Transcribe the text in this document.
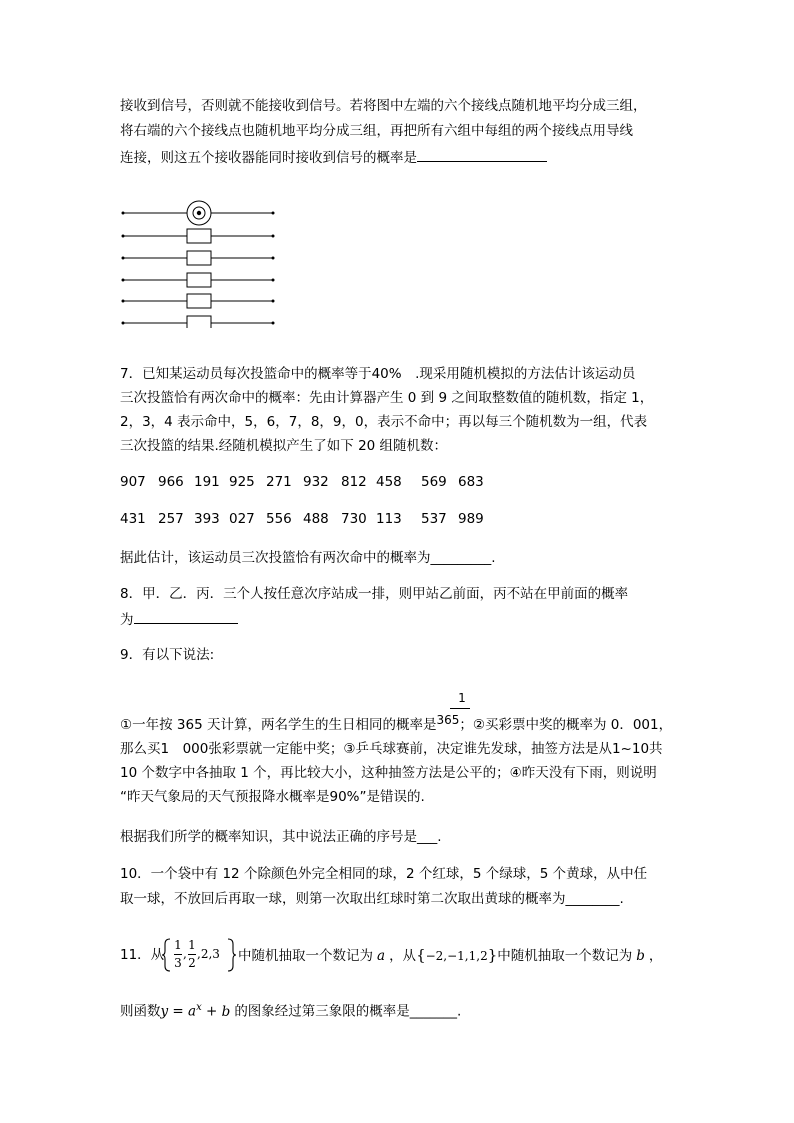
接收到信号，否则就不能接收到信号。若将图中左端的六个接线点随机地平均分成三组，
将右端的六个接线点也随机地平均分成三组，再把所有六组中每组的两个接线点用导线
连接，则这五个接收器能同时接收到信号的概率是
7．已知某运动员每次投篮命中的概率等于40%　.现采用随机模拟的方法估计该运动员
三次投篮恰有两次命中的概率：先由计算器产生 0 到 9 之间取整数值的随机数，指定 1，
2，3，4 表示命中，5，6，7，8，9，0，表示不命中；再以每三个随机数为一组，代表
三次投篮的结果.经随机模拟产生了如下 20 组随机数：
907 966 191 925 271 932 812 458 569 683
431 257 393 027 556 488 730 113 537 989
据此估计，该运动员三次投篮恰有两次命中的概率为_________.
8．甲．乙．丙．三个人按任意次序站成一排，则甲站乙前面，丙不站在甲前面的概率
为
9．有以下说法:
1
①一年按 365 天计算，两名学生的生日相同的概率是365；②买彩票中奖的概率为 0．001，
那么买1　000张彩票就一定能中奖；③乒乓球赛前，决定谁先发球，抽签方法是从1~10共
10 个数字中各抽取 1 个，再比较大小，这种抽签方法是公平的；④昨天没有下雨，则说明
“昨天气象局的天气预报降水概率是90%”是错误的.
根据我们所学的概率知识，其中说法正确的序号是___.
10．一个袋中有 12 个除颜色外完全相同的球，2 个红球，5 个绿球，5 个黄球，从中任
取一球，不放回后再取一球，则第一次取出红球时第二次取出黄球的概率为________.
11．从
1
3
,
1
2
,2,3 中随机抽取一个数记为 a ，从{−2,−1,1,2}中随机抽取一个数记为 b ，
则函数$y = a^x + b$ 的图象经过第三象限的概率是_______.
